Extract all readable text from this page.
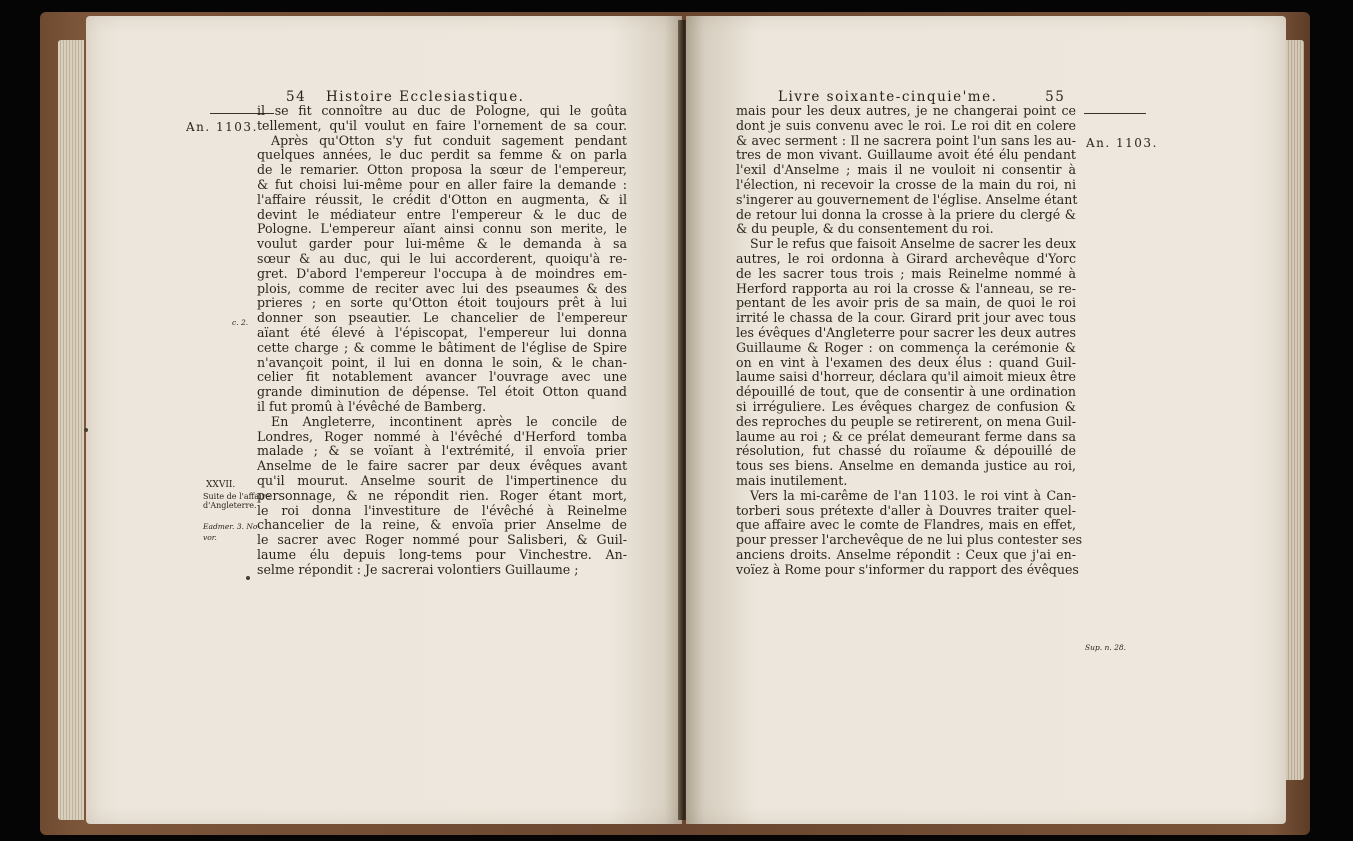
54 Histoire Ecclesiastique.
An. 1103.
il se fit connoître au duc de Pologne, qui le goûta
tellement, qu'il voulut en faire l'ornement de sa cour.
Après qu'Otton s'y fut conduit sagement pendant
quelques années, le duc perdit sa femme & on parla
de le remarier. Otton proposa la sœur de l'empereur,
& fut choisi lui-même pour en aller faire la demande :
l'affaire réussit, le crédit d'Otton en augmenta, & il
devint le médiateur entre l'empereur & le duc de
Pologne. L'empereur aïant ainsi connu son merite, le
voulut garder pour lui-même & le demanda à sa
sœur & au duc, qui le lui accorderent, quoiqu'à re-
gret. D'abord l'empereur l'occupa à de moindres em-
plois, comme de reciter avec lui des pseaumes & des
prieres ; en sorte qu'Otton étoit toujours prêt à lui
donner son pseautier. Le chancelier de l'empereur
aïant été élevé à l'épiscopat, l'empereur lui donna
cette charge ; & comme le bâtiment de l'église de Spire
n'avançoit point, il lui en donna le soin, & le chan-
celier fit notablement avancer l'ouvrage avec une
grande diminution de dépense. Tel étoit Otton quand
il fut promû à l'évêché de Bamberg.
En Angleterre, incontinent après le concile de
Londres, Roger nommé à l'évêché d'Herford tomba
malade ; & se voïant à l'extrémité, il envoïa prier
Anselme de le faire sacrer par deux évêques avant
qu'il mourut. Anselme sourit de l'impertinence du
personnage, & ne répondit rien. Roger étant mort,
le roi donna l'investiture de l'évêché à Reinelme
chancelier de la reine, & envoïa prier Anselme de
le sacrer avec Roger nommé pour Salisberi, & Guil-
laume élu depuis long-tems pour Vinchestre. An-
selme répondit : Je sacrerai volontiers Guillaume ;
c. 2.
XXVII.
Suite de l'affaire
d'Angleterre.
Eadmer. 3. No-
vor.
Livre soixante-cinquie'me.	55
An. 1103.
mais pour les deux autres, je ne changerai point ce
dont je suis convenu avec le roi. Le roi dit en colere
& avec serment : Il ne sacrera point l'un sans les au-
tres de mon vivant. Guillaume avoit été élu pendant
l'exil d'Anselme ; mais il ne vouloit ni consentir à
l'élection, ni recevoir la crosse de la main du roi, ni
s'ingerer au gouvernement de l'église. Anselme étant
de retour lui donna la crosse à la priere du clergé &
& du peuple, & du consentement du roi.
Sur le refus que faisoit Anselme de sacrer les deux
autres, le roi ordonna à Girard archevêque d'Yorc
de les sacrer tous trois ; mais Reinelme nommé à
Herford rapporta au roi la crosse & l'anneau, se re-
pentant de les avoir pris de sa main, de quoi le roi
irrité le chassa de la cour. Girard prit jour avec tous
les évêques d'Angleterre pour sacrer les deux autres
Guillaume & Roger : on commença la cerémonie &
on en vint à l'examen des deux élus : quand Guil-
laume saisi d'horreur, déclara qu'il aimoit mieux être
dépouillé de tout, que de consentir à une ordination
si irréguliere. Les évêques chargez de confusion &
des reproches du peuple se retirerent, on mena Guil-
laume au roi ; & ce prélat demeurant ferme dans sa
résolution, fut chassé du roïaume & dépouillé de
tous ses biens. Anselme en demanda justice au roi,
mais inutilement.
Vers la mi-carême de l'an 1103. le roi vint à Can-
torberi sous prétexte d'aller à Douvres traiter quel-
que affaire avec le comte de Flandres, mais en effet,
pour presser l'archevêque de ne lui plus contester ses
anciens droits. Anselme répondit : Ceux que j'ai en-
voïez à Rome pour s'informer du rapport des évêques
Sup. n. 28.
